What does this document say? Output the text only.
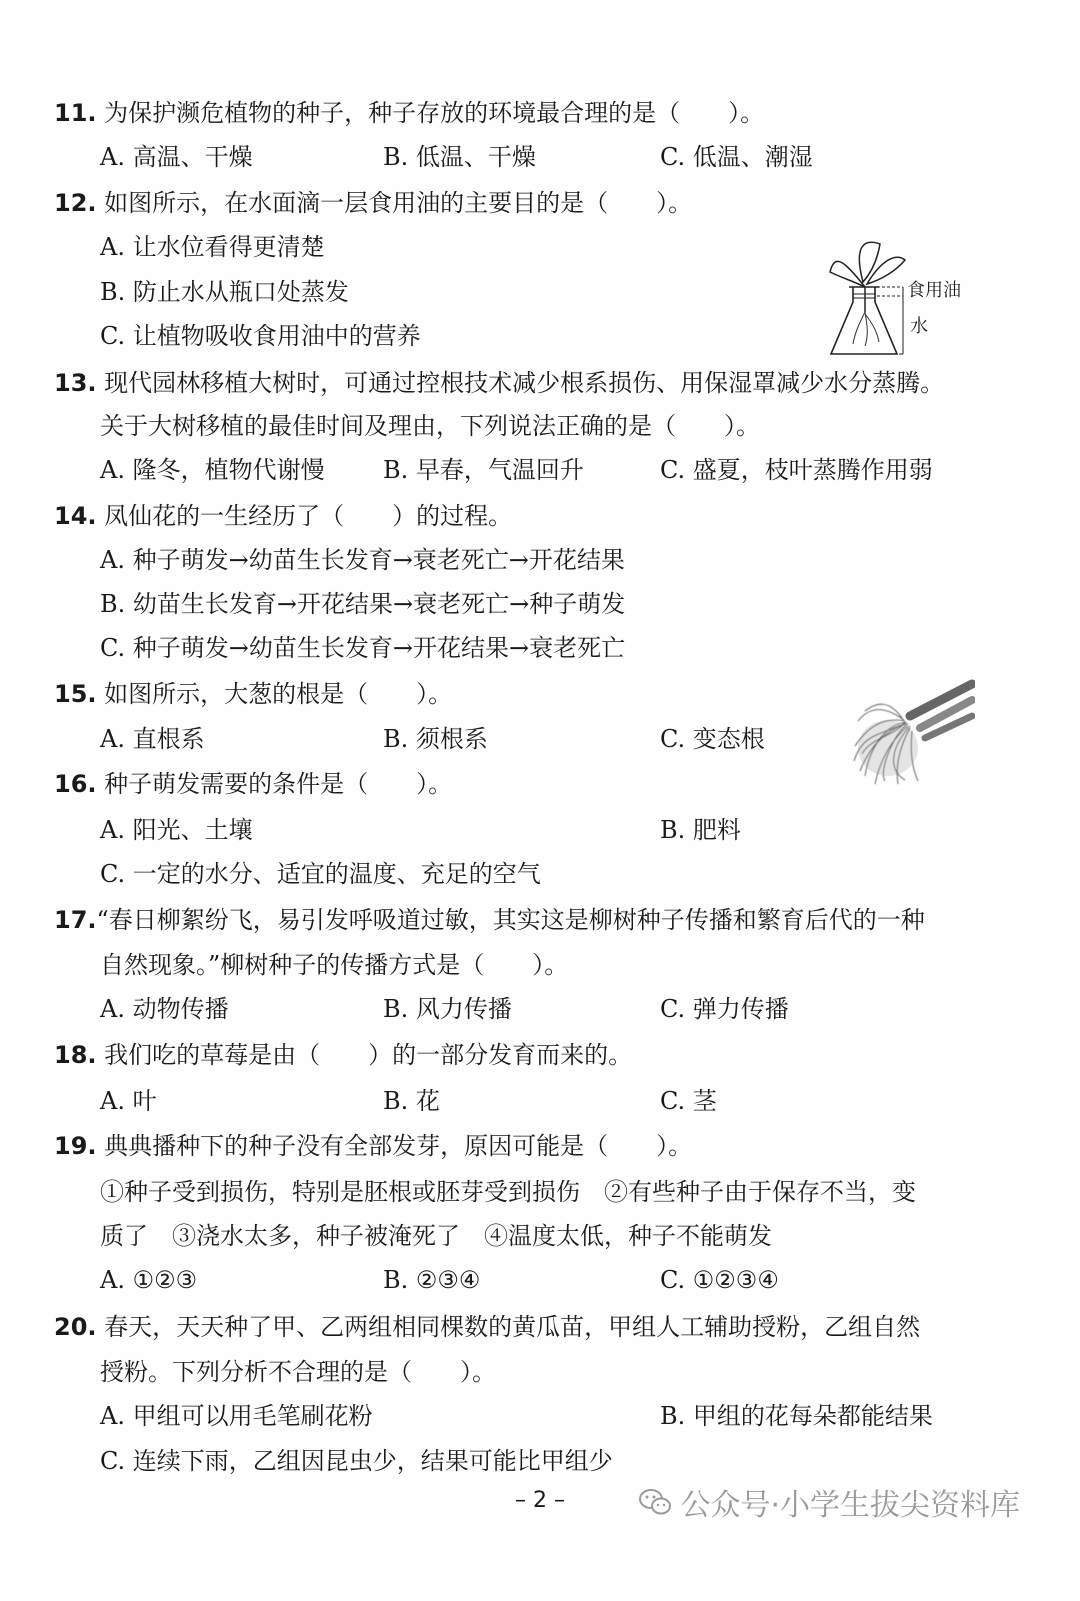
11. 为保护濒危植物的种子，种子存放的环境最合理的是（　　）。
A. 高温、干燥	B. 低温、干燥	C. 低温、潮湿
12. 如图所示，在水面滴一层食用油的主要目的是（　　）。
A. 让水位看得更清楚
B. 防止水从瓶口处蒸发
C. 让植物吸收食用油中的营养
食用油
水
13. 现代园林移植大树时，可通过控根技术减少根系损伤、用保湿罩减少水分蒸腾。
关于大树移植的最佳时间及理由，下列说法正确的是（　　）。
A. 隆冬，植物代谢慢 B. 早春，气温回升	C. 盛夏，枝叶蒸腾作用弱
14. 凤仙花的一生经历了（　　）的过程。
A. 种子萌发→幼苗生长发育→衰老死亡→开花结果
B. 幼苗生长发育→开花结果→衰老死亡→种子萌发
C. 种子萌发→幼苗生长发育→开花结果→衰老死亡
15. 如图所示，大葱的根是（　　）。
A. 直根系	B. 须根系	C. 变态根
16. 种子萌发需要的条件是（　　）。
A. 阳光、土壤	B. 肥料
C. 一定的水分、适宜的温度、充足的空气
17.“春日柳絮纷飞，易引发呼吸道过敏，其实这是柳树种子传播和繁育后代的一种
自然现象。”柳树种子的传播方式是（　　）。
A. 动物传播	B. 风力传播	C. 弹力传播
18. 我们吃的草莓是由（　　）的一部分发育而来的。
A. 叶	B. 花	C. 茎
19. 典典播种下的种子没有全部发芽，原因可能是（　　）。
①种子受到损伤，特别是胚根或胚芽受到损伤　②有些种子由于保存不当，变
质了　③浇水太多，种子被淹死了　④温度太低，种子不能萌发
A. ①②③	B. ②③④	C. ①②③④
20. 春天，天天种了甲、乙两组相同棵数的黄瓜苗，甲组人工辅助授粉，乙组自然
授粉。下列分析不合理的是（　　）。
A. 甲组可以用毛笔刷花粉	B. 甲组的花每朵都能结果
C. 连续下雨，乙组因昆虫少，结果可能比甲组少
– 2 –	公众号·小学生拔尖资料库
